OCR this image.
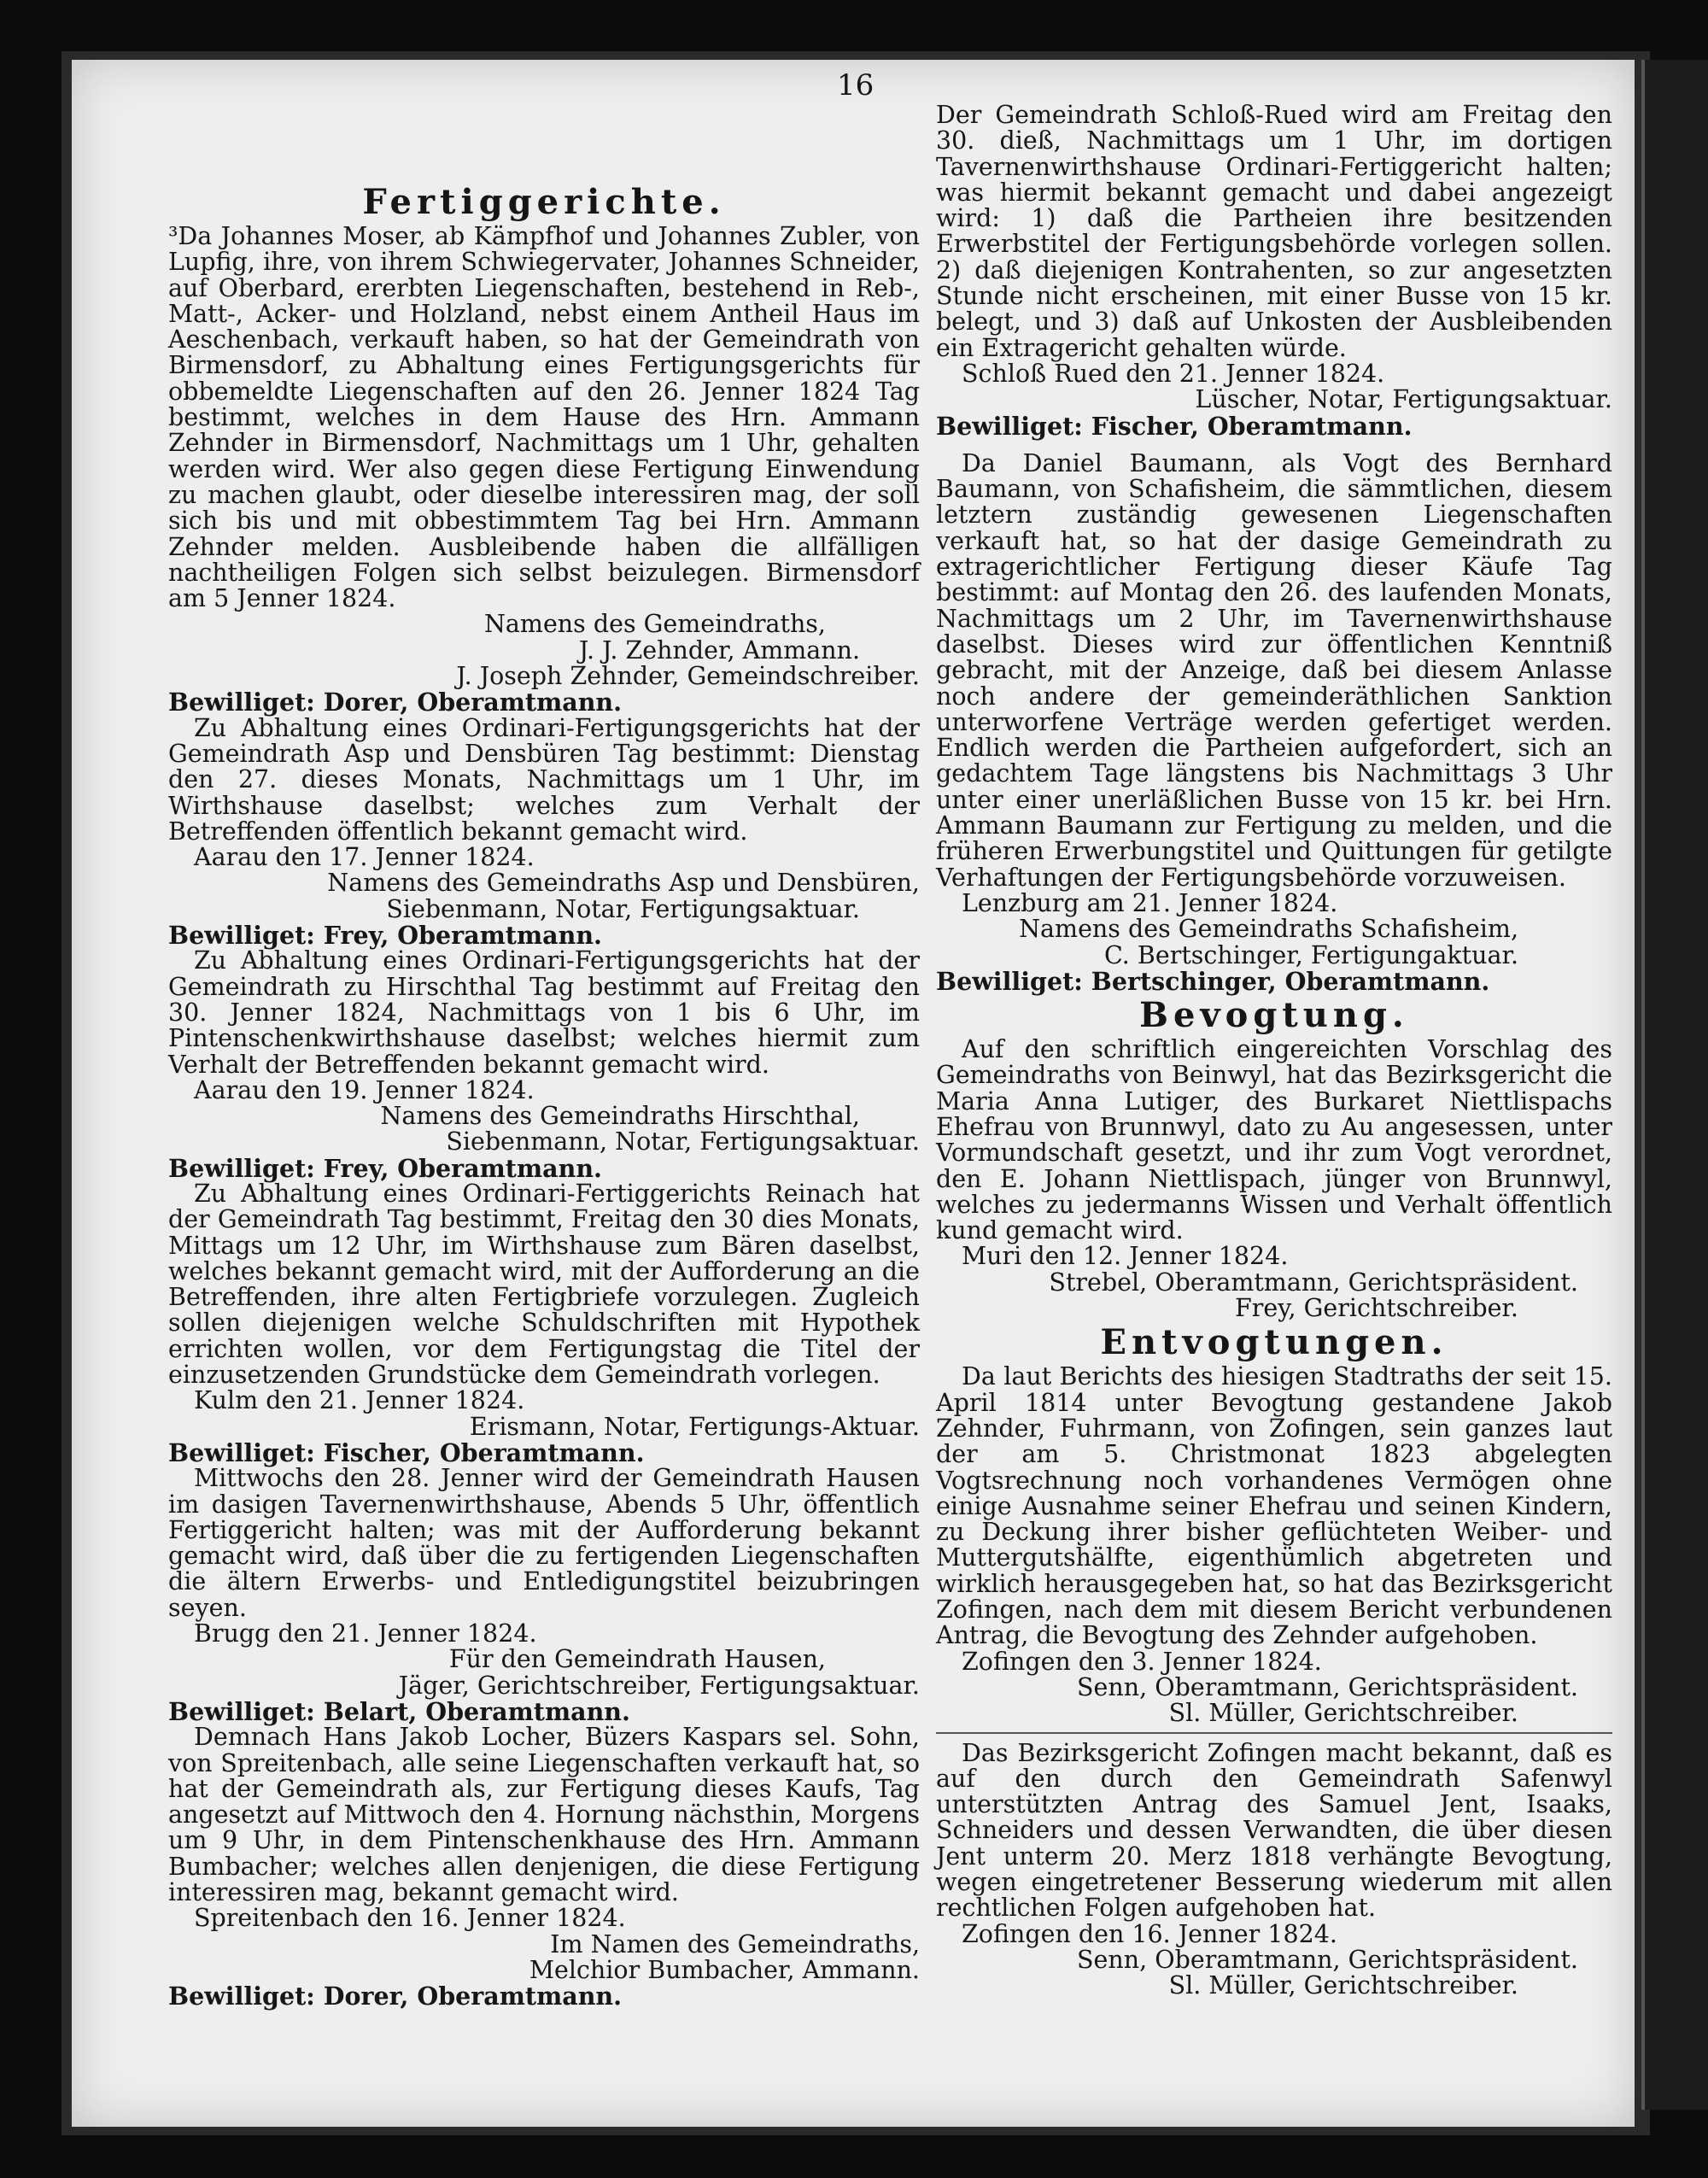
16

Fertiggerichte.

³Da Johannes Moser, ab Kämpfhof und Johannes Zubler, von Lupfig, ihre, von ihrem Schwiegervater, Johannes Schneider, auf Oberbard, ererbten Liegenschaften, bestehend in Reb-, Matt-, Acker- und Holzland, nebst einem Antheil Haus im Aeschenbach, verkauft haben, so hat der Gemeindrath von Birmensdorf, zu Abhaltung eines Fertigungsgerichts für obbemeldte Liegenschaften auf den 26. Jenner 1824 Tag bestimmt, welches in dem Hause des Hrn. Ammann Zehnder in Birmensdorf, Nachmittags um 1 Uhr, gehalten werden wird. Wer also gegen diese Fertigung Einwendung zu machen glaubt, oder dieselbe interessiren mag, der soll sich bis und mit obbestimmtem Tag bei Hrn. Ammann Zehnder melden. Ausbleibende haben die allfälligen nachtheiligen Folgen sich selbst beizulegen. Birmensdorf am 5 Jenner 1824.

Namens des Gemeindraths,

J. J. Zehnder, Ammann.

J. Joseph Zehnder, Gemeindschreiber.

Bewilliget: Dorer, Oberamtmann.

Zu Abhaltung eines Ordinari-Fertigungsgerichts hat der Gemeindrath Asp und Densbüren Tag bestimmt: Dienstag den 27. dieses Monats, Nachmittags um 1 Uhr, im Wirthshause daselbst; welches zum Verhalt der Betreffenden öffentlich bekannt gemacht wird.

Aarau den 17. Jenner 1824.

Namens des Gemeindraths Asp und Densbüren,

Siebenmann, Notar, Fertigungsaktuar.

Bewilliget: Frey, Oberamtmann.

Zu Abhaltung eines Ordinari-Fertigungsgerichts hat der Gemeindrath zu Hirschthal Tag bestimmt auf Freitag den 30. Jenner 1824, Nachmittags von 1 bis 6 Uhr, im Pintenschenkwirthshause daselbst; welches hiermit zum Verhalt der Betreffenden bekannt gemacht wird.

Aarau den 19. Jenner 1824.

Namens des Gemeindraths Hirschthal,

Siebenmann, Notar, Fertigungsaktuar.

Bewilliget: Frey, Oberamtmann.

Zu Abhaltung eines Ordinari-Fertiggerichts Reinach hat der Gemeindrath Tag bestimmt, Freitag den 30 dies Monats, Mittags um 12 Uhr, im Wirthshause zum Bären daselbst, welches bekannt gemacht wird, mit der Aufforderung an die Betreffenden, ihre alten Fertigbriefe vorzulegen. Zugleich sollen diejenigen welche Schuldschriften mit Hypothek errichten wollen, vor dem Fertigungstag die Titel der einzusetzenden Grundstücke dem Gemeindrath vorlegen.

Kulm den 21. Jenner 1824.

Erismann, Notar, Fertigungs-Aktuar.

Bewilliget: Fischer, Oberamtmann.

Mittwochs den 28. Jenner wird der Gemeindrath Hausen im dasigen Tavernenwirthshause, Abends 5 Uhr, öffentlich Fertiggericht halten; was mit der Aufforderung bekannt gemacht wird, daß über die zu fertigenden Liegenschaften die ältern Erwerbs- und Entledigungstitel beizubringen seyen.

Brugg den 21. Jenner 1824.

Für den Gemeindrath Hausen,

Jäger, Gerichtschreiber, Fertigungsaktuar.

Bewilliget: Belart, Oberamtmann.

Demnach Hans Jakob Locher, Büzers Kaspars sel. Sohn, von Spreitenbach, alle seine Liegenschaften verkauft hat, so hat der Gemeindrath als, zur Fertigung dieses Kaufs, Tag angesetzt auf Mittwoch den 4. Hornung nächsthin, Morgens um 9 Uhr, in dem Pintenschenkhause des Hrn. Ammann Bumbacher; welches allen denjenigen, die diese Fertigung interessiren mag, bekannt gemacht wird.

Spreitenbach den 16. Jenner 1824.

Im Namen des Gemeindraths,

Melchior Bumbacher, Ammann.

Bewilliget: Dorer, Oberamtmann.

Der Gemeindrath Schloß-Rued wird am Freitag den 30. dieß, Nachmittags um 1 Uhr, im dortigen Tavernenwirthshause Ordinari-Fertiggericht halten; was hiermit bekannt gemacht und dabei angezeigt wird: 1) daß die Partheien ihre besitzenden Erwerbstitel der Fertigungsbehörde vorlegen sollen. 2) daß diejenigen Kontrahenten, so zur angesetzten Stunde nicht erscheinen, mit einer Busse von 15 kr. belegt, und 3) daß auf Unkosten der Ausbleibenden ein Extragericht gehalten würde.

Schloß Rued den 21. Jenner 1824.

Lüscher, Notar, Fertigungsaktuar.

Bewilliget: Fischer, Oberamtmann.

Da Daniel Baumann, als Vogt des Bernhard Baumann, von Schafisheim, die sämmtlichen, diesem letztern zuständig gewesenen Liegenschaften verkauft hat, so hat der dasige Gemeindrath zu extragerichtlicher Fertigung dieser Käufe Tag bestimmt: auf Montag den 26. des laufenden Monats, Nachmittags um 2 Uhr, im Tavernenwirthshause daselbst. Dieses wird zur öffentlichen Kenntniß gebracht, mit der Anzeige, daß bei diesem Anlasse noch andere der gemeinderäthlichen Sanktion unterworfene Verträge werden gefertiget werden. Endlich werden die Partheien aufgefordert, sich an gedachtem Tage längstens bis Nachmittags 3 Uhr unter einer unerläßlichen Busse von 15 kr. bei Hrn. Ammann Baumann zur Fertigung zu melden, und die früheren Erwerbungstitel und Quittungen für getilgte Verhaftungen der Fertigungsbehörde vorzuweisen.

Lenzburg am 21. Jenner 1824.

Namens des Gemeindraths Schafisheim,

C. Bertschinger, Fertigungaktuar.

Bewilliget: Bertschinger, Oberamtmann.

Bevogtung.

Auf den schriftlich eingereichten Vorschlag des Gemeindraths von Beinwyl, hat das Bezirksgericht die Maria Anna Lutiger, des Burkaret Niettlispachs Ehefrau von Brunnwyl, dato zu Au angesessen, unter Vormundschaft gesetzt, und ihr zum Vogt verordnet, den E. Johann Niettlispach, jünger von Brunnwyl, welches zu jedermanns Wissen und Verhalt öffentlich kund gemacht wird.

Muri den 12. Jenner 1824.

Strebel, Oberamtmann, Gerichtspräsident.

Frey, Gerichtschreiber.

Entvogtungen.

Da laut Berichts des hiesigen Stadtraths der seit 15. April 1814 unter Bevogtung gestandene Jakob Zehnder, Fuhrmann, von Zofingen, sein ganzes laut der am 5. Christmonat 1823 abgelegten Vogtsrechnung noch vorhandenes Vermögen ohne einige Ausnahme seiner Ehefrau und seinen Kindern, zu Deckung ihrer bisher geflüchteten Weiber- und Muttergutshälfte, eigenthümlich abgetreten und wirklich herausgegeben hat, so hat das Bezirksgericht Zofingen, nach dem mit diesem Bericht verbundenen Antrag, die Bevogtung des Zehnder aufgehoben.

Zofingen den 3. Jenner 1824.

Senn, Oberamtmann, Gerichtspräsident.

Sl. Müller, Gerichtschreiber.

Das Bezirksgericht Zofingen macht bekannt, daß es auf den durch den Gemeindrath Safenwyl unterstützten Antrag des Samuel Jent, Isaaks, Schneiders und dessen Verwandten, die über diesen Jent unterm 20. Merz 1818 verhängte Bevogtung, wegen eingetretener Besserung wiederum mit allen rechtlichen Folgen aufgehoben hat.

Zofingen den 16. Jenner 1824.

Senn, Oberamtmann, Gerichtspräsident.

Sl. Müller, Gerichtschreiber.
